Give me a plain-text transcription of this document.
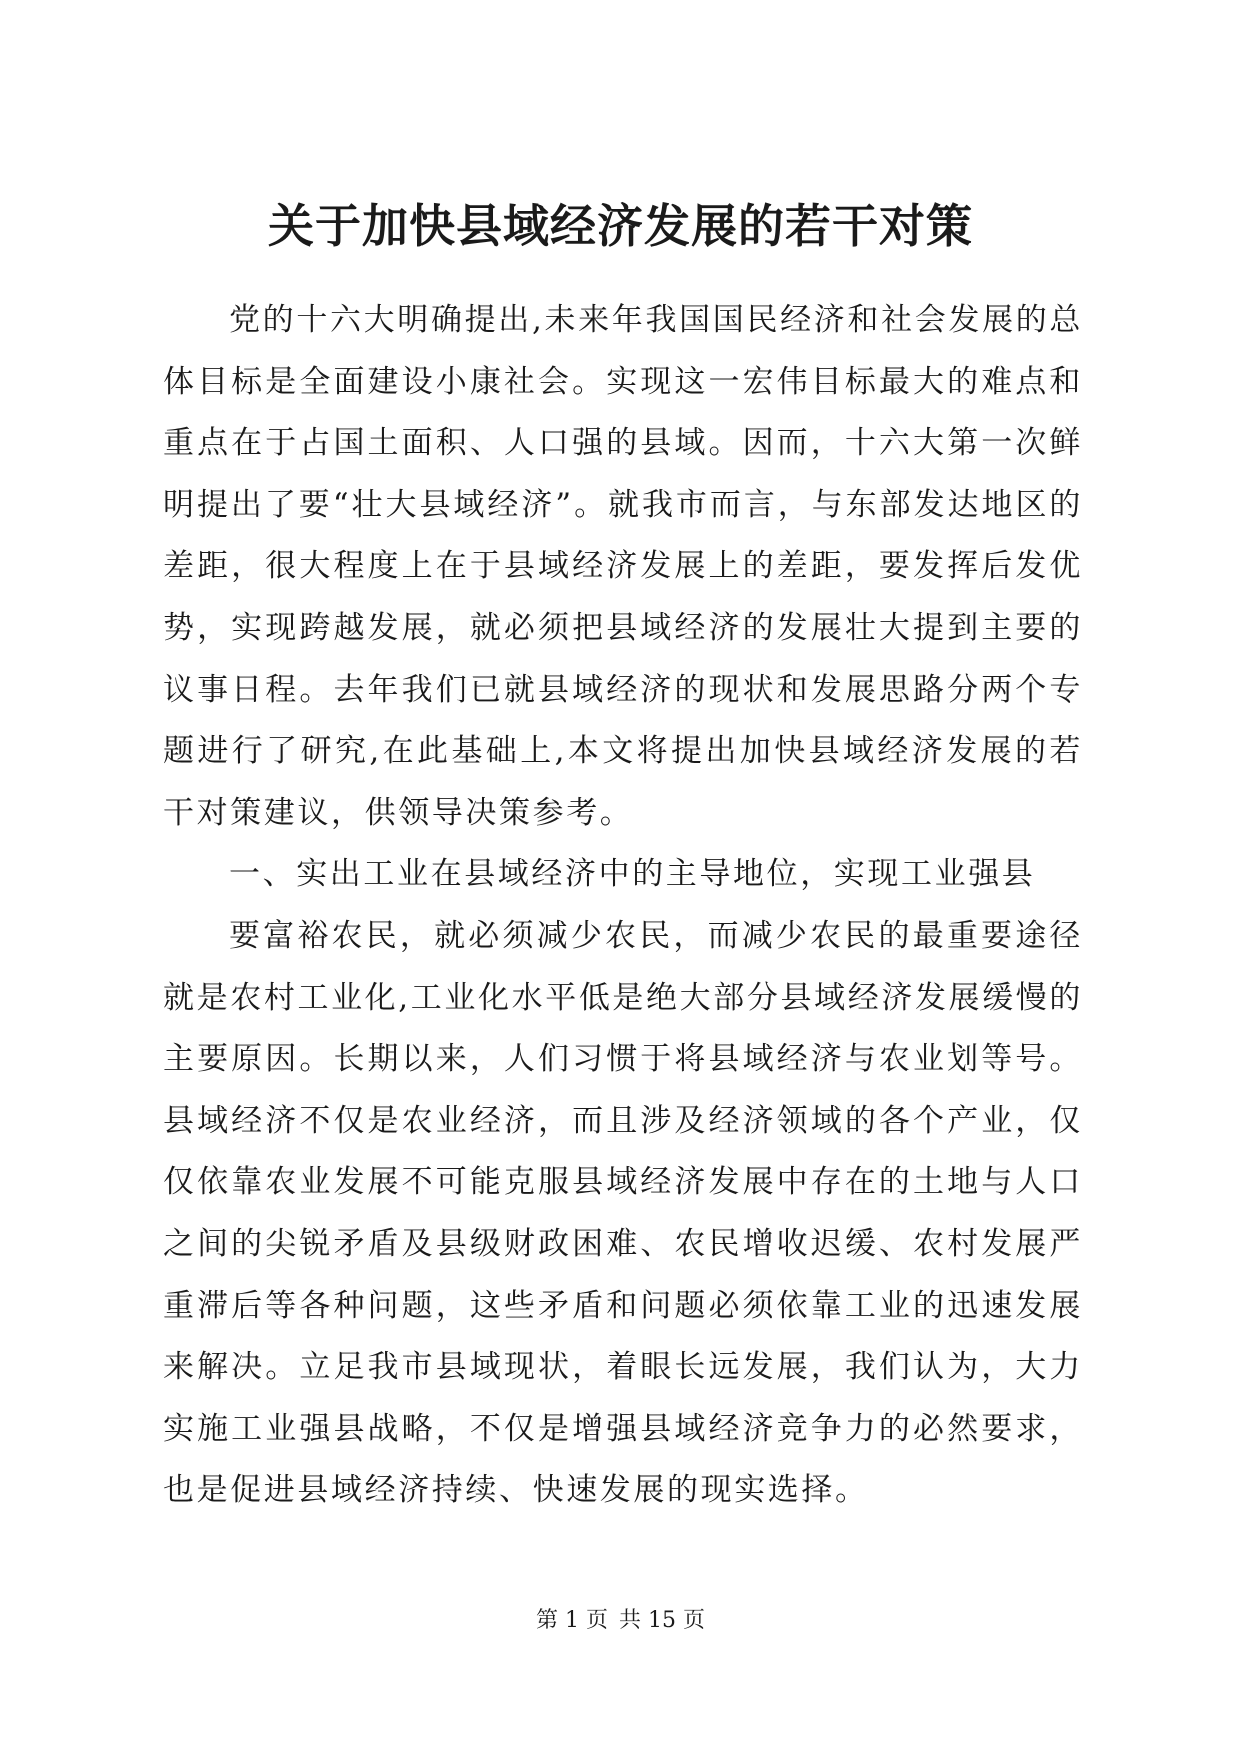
关于加快县域经济发展的若干对策

党的十六大明确提出,未来年我国国民经济和社会发展的总体目标是全面建设小康社会。实现这一宏伟目标最大的难点和重点在于占国土面积、人口强的县域。因而，十六大第一次鲜明提出了要“壮大县域经济”。就我市而言，与东部发达地区的差距，很大程度上在于县域经济发展上的差距，要发挥后发优势，实现跨越发展，就必须把县域经济的发展壮大提到主要的议事日程。去年我们已就县域经济的现状和发展思路分两个专题进行了研究,在此基础上,本文将提出加快县域经济发展的若干对策建议，供领导决策参考。

一、实出工业在县域经济中的主导地位，实现工业强县

要富裕农民，就必须减少农民，而减少农民的最重要途径就是农村工业化,工业化水平低是绝大部分县域经济发展缓慢的主要原因。长期以来，人们习惯于将县域经济与农业划等号。县域经济不仅是农业经济，而且涉及经济领域的各个产业，仅仅依靠农业发展不可能克服县域经济发展中存在的土地与人口之间的尖锐矛盾及县级财政困难、农民增收迟缓、农村发展严重滞后等各种问题，这些矛盾和问题必须依靠工业的迅速发展来解决。立足我市县域现状，着眼长远发展，我们认为，大力实施工业强县战略，不仅是增强县域经济竞争力的必然要求，也是促进县域经济持续、快速发展的现实选择。

第 1 页 共 15 页
